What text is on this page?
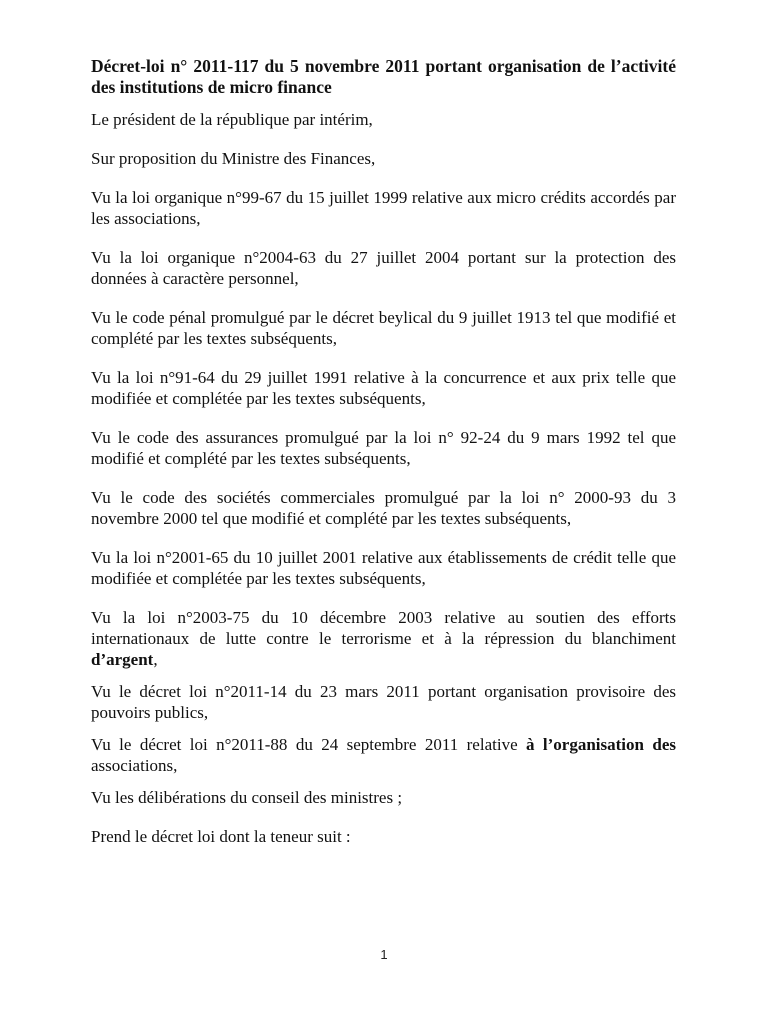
Décret-loi n° 2011-117 du 5 novembre 2011 portant organisation de l’activité des institutions de micro finance
Le président de la république par intérim,
Sur proposition du Ministre des Finances,
Vu la loi organique n°99-67 du 15 juillet 1999 relative aux micro crédits accordés par les associations,
Vu la loi organique n°2004-63 du 27 juillet 2004 portant sur la protection des données à caractère personnel,
Vu le code pénal promulgué par le décret beylical du 9 juillet 1913 tel que modifié et complété par les textes subséquents,
Vu la loi n°91-64 du 29 juillet 1991 relative à la concurrence et aux prix telle que modifiée et complétée par les textes subséquents,
Vu le code des assurances promulgué par la loi n° 92-24 du 9 mars 1992 tel que modifié et complété par les textes subséquents,
Vu le code des sociétés commerciales promulgué par la loi n° 2000-93 du 3 novembre 2000 tel que modifié et complété par les textes subséquents,
Vu la loi n°2001-65 du 10 juillet 2001 relative aux établissements de crédit telle que modifiée et complétée par les textes subséquents,
Vu la loi n°2003-75 du 10 décembre 2003 relative au soutien des efforts internationaux de lutte contre le terrorisme et à la répression du blanchiment d’argent,
Vu le décret loi n°2011-14 du 23 mars 2011 portant organisation provisoire des pouvoirs publics,
Vu le décret loi n°2011-88 du 24 septembre 2011 relative à l’organisation des associations,
Vu les délibérations du conseil des ministres ;
Prend le décret loi dont la teneur suit :
1
